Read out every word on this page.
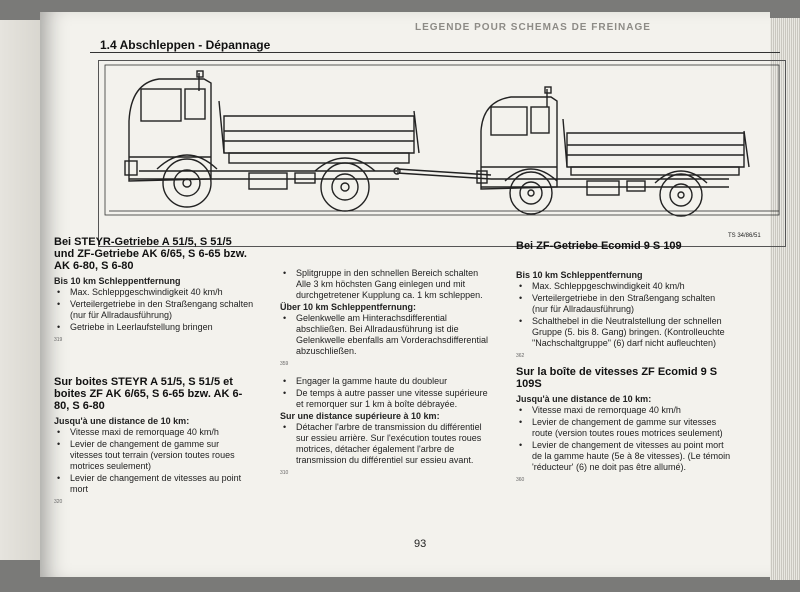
LEGENDE POUR SCHEMAS DE FREINAGE
1.4 Abschleppen - Dépannage
TS 34/86/51
Bei STEYR-Getriebe A 51/5, S 51/5 und ZF-Getriebe AK 6/65, S 6-65 bzw. AK 6-80, S 6-80

Bis 10 km Schleppentfernung

• Max. Schleppgeschwindigkeit 40 km/h
• Verteilergetriebe in den Straßengang schalten (nur für Allradausführung)
• Getriebe in Leerlaufstellung bringen
319
Sur boites STEYR A 51/5, S 51/5 et boites ZF AK 6/65, S 6-65 bzw. AK 6-80, S 6-80

Jusqu'à une distance de 10 km:

• Vitesse maxi de remorquage 40 km/h
• Levier de changement de gamme sur vitesses tout terrain (version toutes roues motrices seulement)
• Levier de changement de vitesses au point mort
320
• Splitgruppe in den schnellen Bereich schalten Alle 3 km höchsten Gang einlegen und mit durchgetretener Kupplung ca. 1 km schleppen.

Über 10 km Schleppentfernung:

• Gelenkwelle am Hinterachsdifferential abschließen. Bei Allradausführung ist die Gelenkwelle ebenfalls am Vorderachsdifferential abzuschließen.
359
• Engager la gamme haute du doubleur
• De temps à autre passer une vitesse supérieure et remorquer sur 1 km à boîte débrayée.

Sur une distance supérieure à 10 km:

• Détacher l'arbre de transmission du différentiel sur essieu arrière. Sur l'exécution toutes roues motrices, détacher également l'arbre de transmission du différentiel sur essieu avant.
310
Bei ZF-Getriebe Ecomid 9 S 109

Bis 10 km Schleppentfernung

• Max. Schleppgeschwindigkeit 40 km/h
• Verteilergetriebe in den Straßengang schalten (nur für Allradausführung)
• Schalthebel in die Neutralstellung der schnellen Gruppe (5. bis 8. Gang) bringen. (Kontrolleuchte "Nachschaltgruppe" (6) darf nicht aufleuchten)
362
Sur la boîte de vitesses ZF Ecomid 9 S 109S

Jusqu'à une distance de 10 km:

• Vitesse maxi de remorquage 40 km/h
• Levier de changement de gamme sur vitesses route (version toutes roues motrices seulement)
• Levier de changement de vitesses au point mort de la gamme haute (5e à 8e vitesses). (Le témoin 'réducteur' (6) ne doit pas être allumé).
360
93
